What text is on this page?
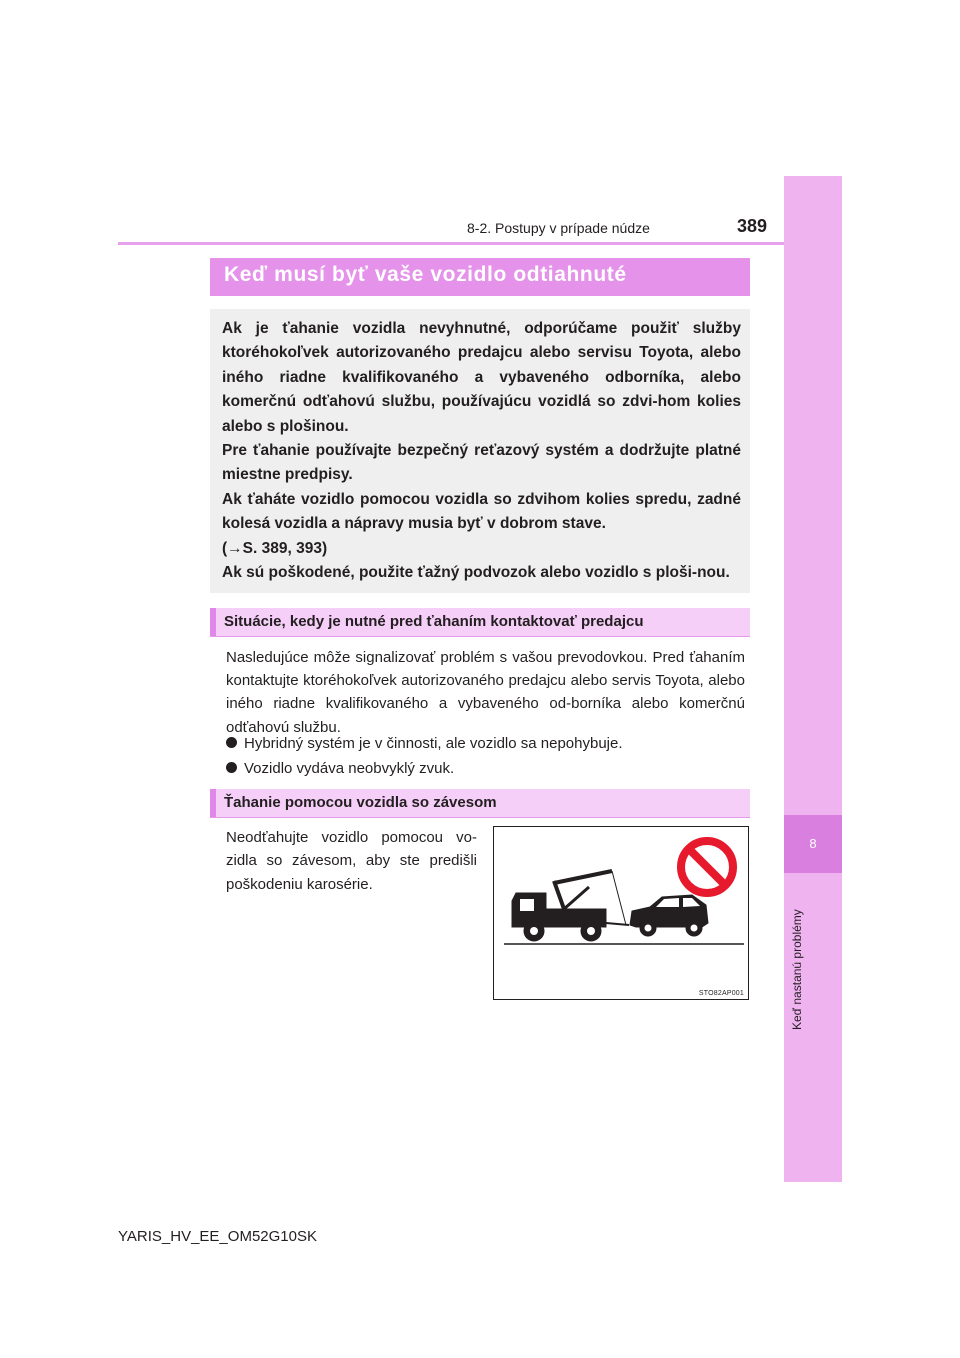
8
Keď nastanú problémy
8-2. Postupy v prípade núdze	389
Keď musí byť vaše vozidlo odtiahnuté

Ak je ťahanie vozidla nevyhnutné, odporúčame použiť služby ktoréhokoľvek autorizovaného predajcu alebo servisu Toyota, alebo iného riadne kvalifikovaného a vybaveného odborníka, alebo komerčnú odťahovú službu, používajúcu vozidlá so zdvi-hom kolies alebo s plošinou.

Pre ťahanie používajte bezpečný reťazový systém a dodržujte platné miestne predpisy.

Ak ťaháte vozidlo pomocou vozidla so zdvihom kolies spredu, zadné kolesá vozidla a nápravy musia byť v dobrom stave.

(→S. 389, 393)

Ak sú poškodené, použite ťažný podvozok alebo vozidlo s ploši-nou.

Situácie, kedy je nutné pred ťahaním kontaktovať predajcu
Nasledujúce môže signalizovať problém s vašou prevodovkou. Pred ťahaním kontaktujte ktoréhokoľvek autorizovaného predajcu alebo servis Toyota, alebo iného riadne kvalifikovaného a vybaveného od-borníka alebo komerčnú odťahovú službu.
Hybridný systém je v činnosti, ale vozidlo sa nepohybuje.
Vozidlo vydáva neobvyklý zvuk.
Ťahanie pomocou vozidla so závesom
Neodťahujte vozidlo pomocou vo-zidla so závesom, aby ste predišli poškodeniu karosérie.
STO82AP001
YARIS_HV_EE_OM52G10SK
